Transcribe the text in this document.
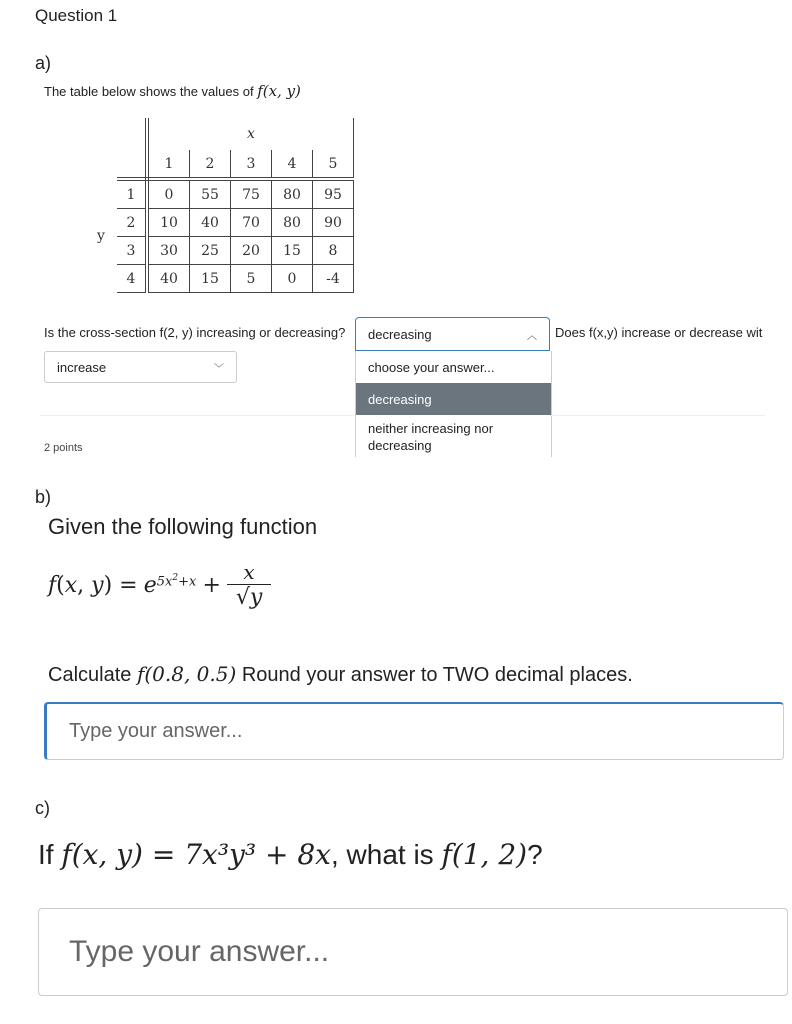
Question 1
a)
The table below shows the values of f(x, y)
		x				
		1	2	3	4	5
y	1	0	55	75	80	95
	2	10	40	70	80	90
	3	30	25	20	15	8
	4	40	15	5	0	-4
Is the cross-section f(2, y) increasing or decreasing? decreasing	︿
choose your answer...
decreasing
neither increasing nor decreasing
Does f(x,y) increase or decrease wit
increase	﹀
2 points
b)
Given the following function
f ( x , y ) =
$e^{5x^2+x}$
+
$\frac{x}{√y}$
Calculate f(0.8, 0.5) Round your answer to TWO decimal places.
Type your answer...
c)
If f(x, y) = 7x³y³ + 8x, what is f(1, 2)?
Type your answer...
